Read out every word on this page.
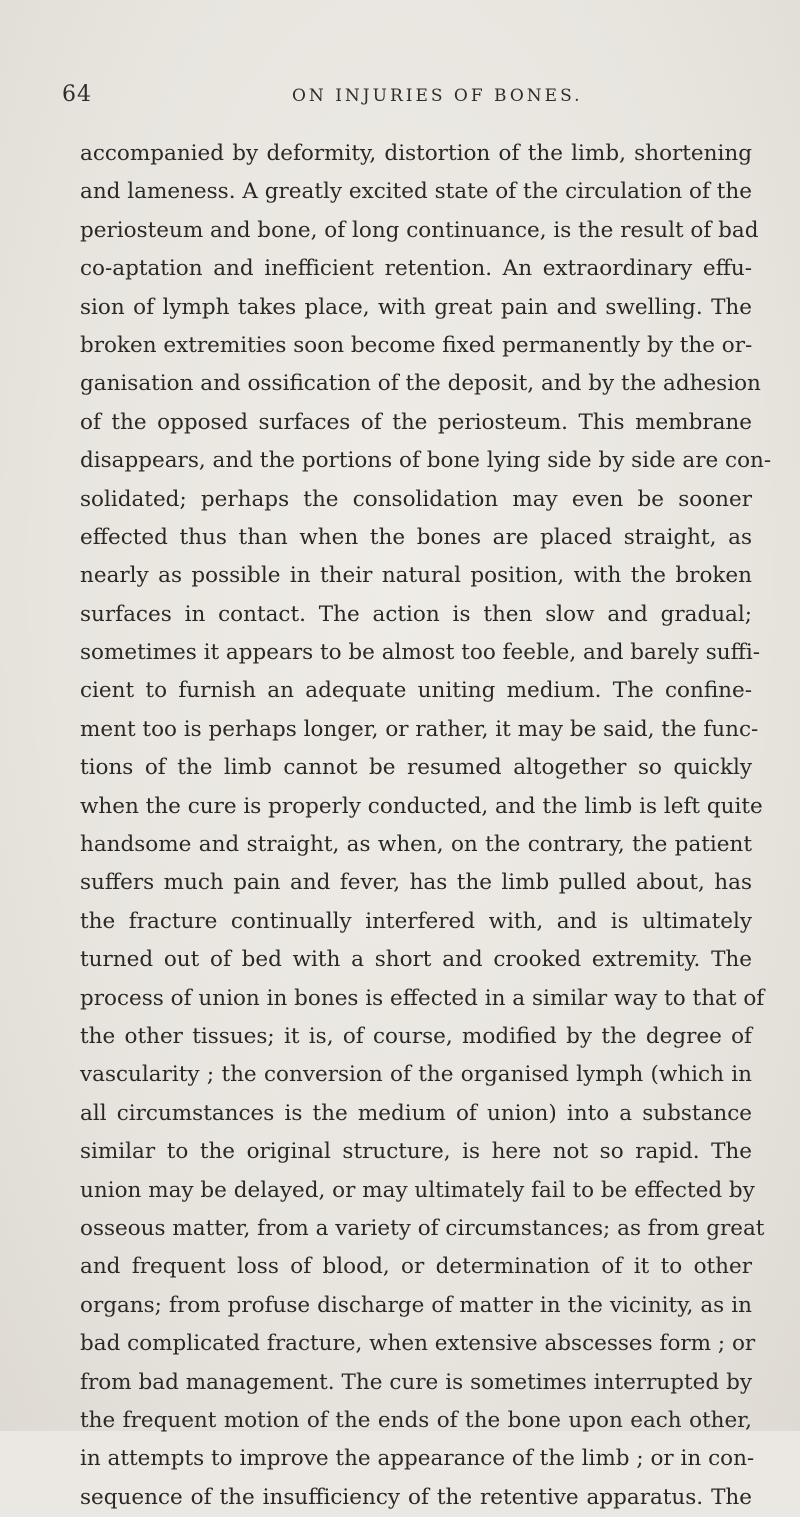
64	ON INJURIES OF BONES.
accompanied by deformity, distortion of the limb, shortening
and lameness. A greatly excited state of the circulation of the
periosteum and bone, of long continuance, is the result of bad
co-aptation and inefficient retention. An extraordinary effu-
sion of lymph takes place, with great pain and swelling. The
broken extremities soon become fixed permanently by the or-
ganisation and ossification of the deposit, and by the adhesion
of the opposed surfaces of the periosteum. This membrane
disappears, and the portions of bone lying side by side are con-
solidated; perhaps the consolidation may even be sooner
effected thus than when the bones are placed straight, as
nearly as possible in their natural position, with the broken
surfaces in contact. The action is then slow and gradual;
sometimes it appears to be almost too feeble, and barely suffi-
cient to furnish an adequate uniting medium. The confine-
ment too is perhaps longer, or rather, it may be said, the func-
tions of the limb cannot be resumed altogether so quickly
when the cure is properly conducted, and the limb is left quite
handsome and straight, as when, on the contrary, the patient
suffers much pain and fever, has the limb pulled about, has
the fracture continually interfered with, and is ultimately
turned out of bed with a short and crooked extremity. The
process of union in bones is effected in a similar way to that of
the other tissues; it is, of course, modified by the degree of
vascularity ; the conversion of the organised lymph (which in
all circumstances is the medium of union) into a substance
similar to the original structure, is here not so rapid. The
union may be delayed, or may ultimately fail to be effected by
osseous matter, from a variety of circumstances; as from great
and frequent loss of blood, or determination of it to other
organs; from profuse discharge of matter in the vicinity, as in
bad complicated fracture, when extensive abscesses form ; or
from bad management. The cure is sometimes interrupted by
the frequent motion of the ends of the bone upon each other,
in attempts to improve the appearance of the limb ; or in con-
sequence of the insufficiency of the retentive apparatus. The
